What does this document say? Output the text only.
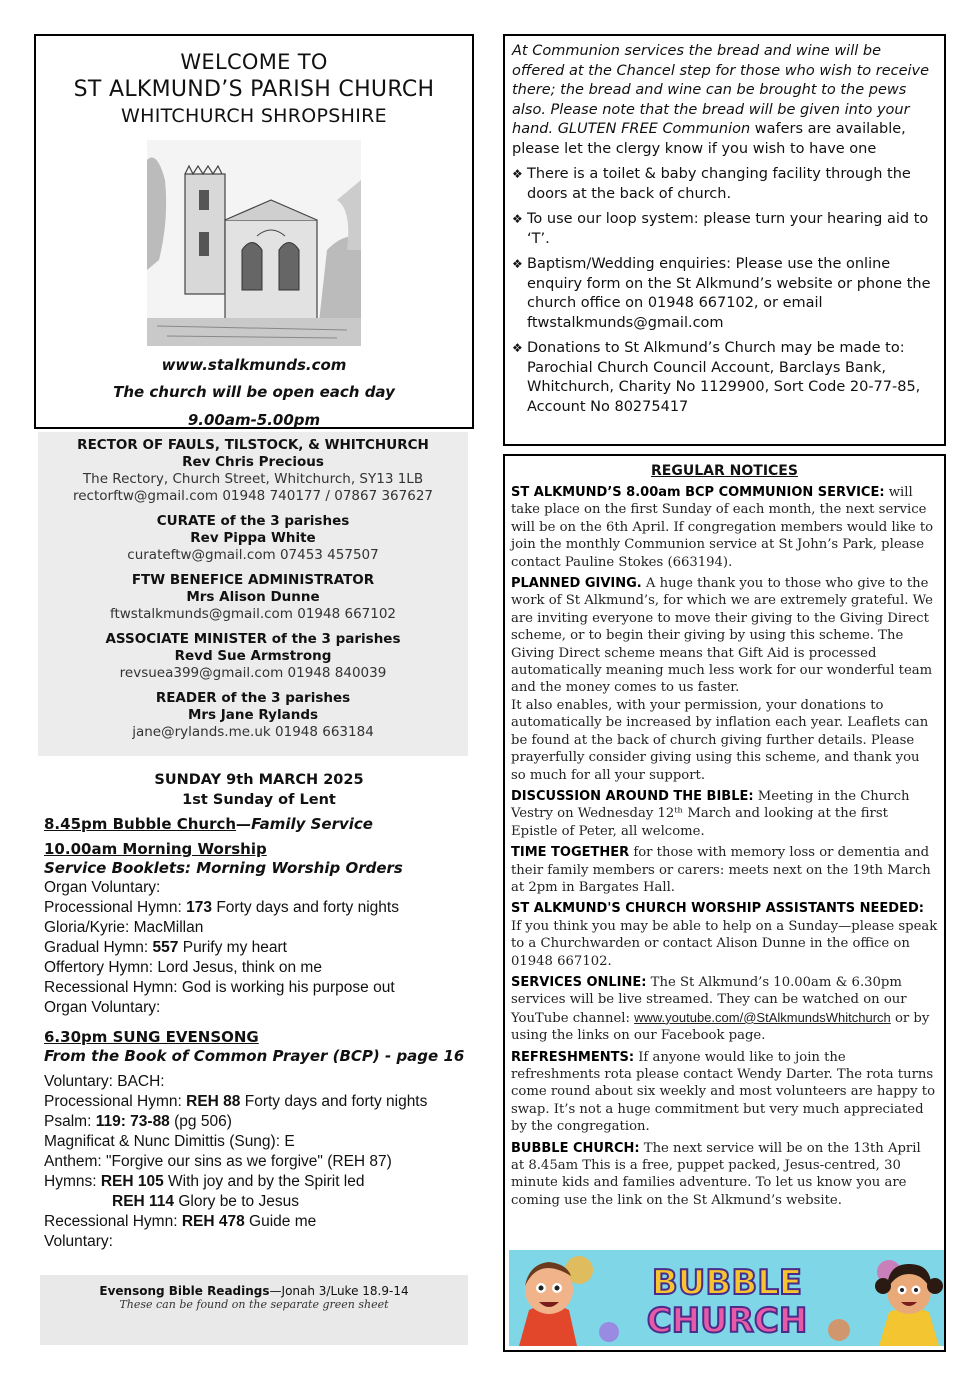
WELCOME TO
ST ALKMUND’S PARISH CHURCH
WHITCHURCH SHROPSHIRE
www.stalkmunds.com
The church will be open each day
9.00am-5.00pm
RECTOR OF FAULS, TILSTOCK, & WHITCHURCH
Rev Chris Precious
The Rectory, Church Street, Whitchurch, SY13 1LB
rectorftw@gmail.com 01948 740177 / 07867 367627
CURATE of the 3 parishes
Rev Pippa White
curateftw@gmail.com 07453 457507
FTW BENEFICE ADMINISTRATOR
Mrs Alison Dunne
ftwstalkmunds@gmail.com 01948 667102
ASSOCIATE MINISTER of the 3 parishes
Revd Sue Armstrong
revsuea399@gmail.com 01948 840039
READER of the 3 parishes
Mrs Jane Rylands
jane@rylands.me.uk 01948 663184
SUNDAY 9th MARCH 2025
1st Sunday of Lent
8.45pm Bubble Church—Family Service
10.00am Morning Worship
Service Booklets: Morning Worship Orders
Organ Voluntary:
Processional Hymn: 173 Forty days and forty nights
Gloria/Kyrie: MacMillan
Gradual Hymn: 557 Purify my heart
Offertory Hymn: Lord Jesus, think on me
Recessional Hymn: God is working his purpose out
Organ Voluntary:
6.30pm SUNG EVENSONG
From the Book of Common Prayer (BCP) - page 16
Voluntary: BACH:
Processional Hymn: REH 88 Forty days and forty nights
Psalm: 119: 73-88 (pg 506)
Magnificat & Nunc Dimittis (Sung): E
Anthem: "Forgive our sins as we forgive" (REH 87)
Hymns: REH 105 With joy and by the Spirit led
REH 114 Glory be to Jesus
Recessional Hymn: REH 478 Guide me
Voluntary:
Evensong Bible Readings—Jonah 3/Luke 18.9-14
These can be found on the separate green sheet
At Communion services the bread and wine will be offered at the Chancel step for those who wish to receive there; the bread and wine can be brought to the pews also. Please note that the bread will be given into your hand. GLUTEN FREE Communion wafers are available, please let the clergy know if you wish to have one
❖ There is a toilet & baby changing facility through the doors at the back of church.
❖ To use our loop system: please turn your hearing aid to ‘T’.
❖ Baptism/Wedding enquiries: Please use the online enquiry form on the St Alkmund’s website or phone the church office on 01948 667102, or email ftwstalkmunds@gmail.com
❖ Donations to St Alkmund’s Church may be made to: Parochial Church Council Account, Barclays Bank, Whitchurch, Charity No 1129900, Sort Code 20-77-85, Account No 80275417
REGULAR NOTICES
ST ALKMUND’S 8.00am BCP COMMUNION SERVICE: will take place on the first Sunday of each month, the next service will be on the 6th April. If congregation members would like to join the monthly Communion service at St John’s Park, please contact Pauline Stokes (663194).
PLANNED GIVING. A huge thank you to those who give to the work of St Alkmund’s, for which we are extremely grateful. We are inviting everyone to move their giving to the Giving Direct scheme, or to begin their giving by using this scheme. The Giving Direct scheme means that Gift Aid is processed automatically meaning much less work for our wonderful team and the money comes to us faster.
It also enables, with your permission, your donations to automatically be increased by inflation each year. Leaflets can be found at the back of church giving further details. Please prayerfully consider giving using this scheme, and thank you so much for all your support.
DISCUSSION AROUND THE BIBLE: Meeting in the Church Vestry on Wednesday 12ᵗʰ March and looking at the first Epistle of Peter, all welcome.
TIME TOGETHER for those with memory loss or dementia and their family members or carers: meets next on the 19th March at 2pm in Bargates Hall.
ST ALKMUND'S CHURCH WORSHIP ASSISTANTS NEEDED: If you think you may be able to help on a Sunday—please speak to a Churchwarden or contact Alison Dunne in the office on 01948 667102.
SERVICES ONLINE: The St Alkmund’s 10.00am & 6.30pm services will be live streamed. They can be watched on our YouTube channel: www.youtube.com/@StAlkmundsWhitchurch or by using the links on our Facebook page.
REFRESHMENTS: If anyone would like to join the refreshments rota please contact Wendy Darter. The rota turns come round about six weekly and most volunteers are happy to swap. It’s not a huge commitment but very much appreciated by the congregation.
BUBBLE CHURCH: The next service will be on the 13th April at 8.45am This is a free, puppet packed, Jesus-centred, 30 minute kids and families adventure. To let us know you are coming use the link on the St Alkmund’s website.
BUBBLE
CHURCH
